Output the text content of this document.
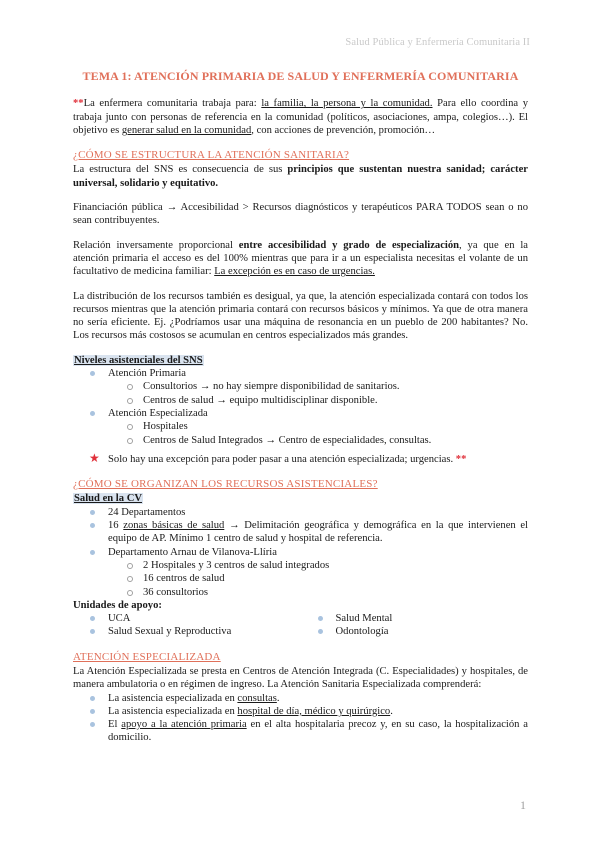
Salud Pública y Enfermería Comunitaria II
TEMA 1: ATENCIÓN PRIMARIA DE SALUD Y ENFERMERÍA COMUNITARIA

**La enfermera comunitaria trabaja para: la familia, la persona y la comunidad. Para ello coordina y trabaja junto con personas de referencia en la comunidad (políticos, asociaciones, ampa, colegios…). El objetivo es generar salud en la comunidad, con acciones de prevención, promoción…

¿CÓMO SE ESTRUCTURA LA ATENCIÓN SANITARIA?

La estructura del SNS es consecuencia de sus principios que sustentan nuestra sanidad; carácter universal, solidario y equitativo.

Financiación pública → Accesibilidad > Recursos diagnósticos y terapéuticos PARA TODOS sean o no sean contribuyentes.

Relación inversamente proporcional entre accesibilidad y grado de especialización, ya que en la atención primaria el acceso es del 100% mientras que para ir a un especialista necesitas el volante de un facultativo de medicina familiar: La excepción es en caso de urgencias.

La distribución de los recursos también es desigual, ya que, la atención especializada contará con todos los recursos mientras que la atención primaria contará con recursos básicos y mínimos. Ya que de otra manera no sería eficiente. Ej. ¿Podríamos usar una máquina de resonancia en un pueblo de 200 habitantes? No. Los recursos más costosos se acumulan en centros especializados más grandes.

Niveles asistenciales del SNS
Atención Primaria
Consultorios → no hay siempre disponibilidad de sanitarios.
Centros de salud → equipo multidisciplinar disponible.
Atención Especializada
Hospitales
Centros de Salud Integrados → Centro de especialidades, consultas.
★ Solo hay una excepción para poder pasar a una atención especializada; urgencias. **
¿CÓMO SE ORGANIZAN LOS RECURSOS ASISTENCIALES?
Salud en la CV
24 Departamentos
16 zonas básicas de salud → Delimitación geográfica y demográfica en la que intervienen el equipo de AP. Mínimo 1 centro de salud y hospital de referencia.
Departamento Arnau de Vilanova-Llíria
2 Hospitales y 3 centros de salud integrados
16 centros de salud
36 consultorios
Unidades de apoyo:
UCA
Salud Sexual y Reproductiva
Salud Mental
Odontología
ATENCIÓN ESPECIALIZADA

La Atención Especializada se presta en Centros de Atención Integrada (C. Especialidades) y hospitales, de manera ambulatoria o en régimen de ingreso. La Atención Sanitaria Especializada comprenderá:

La asistencia especializada en consultas.
La asistencia especializada en hospital de día, médico y quirúrgico.
El apoyo a la atención primaria en el alta hospitalaria precoz y, en su caso, la hospitalización a domicilio.
1
